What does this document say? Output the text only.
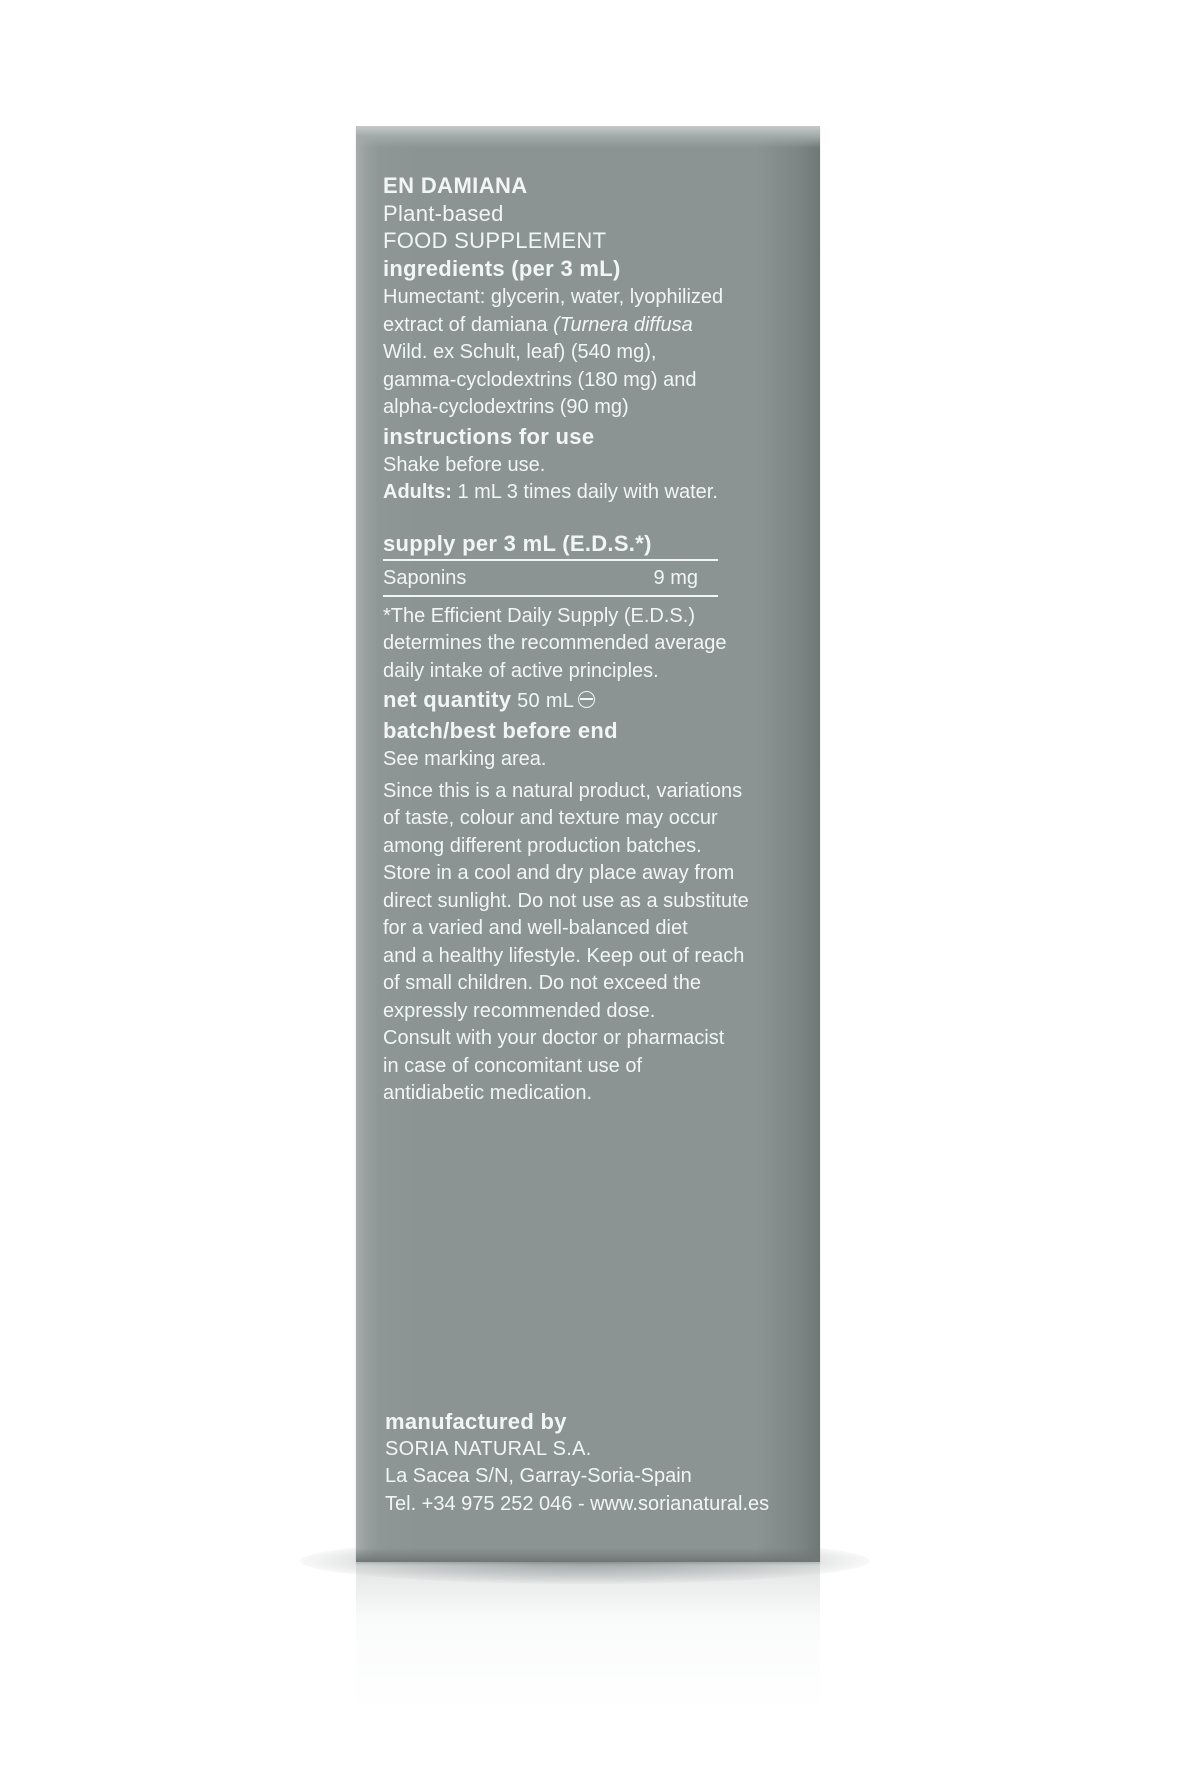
EN DAMIANA
Plant-based
FOOD SUPPLEMENT
ingredients (per 3 mL)
Humectant: glycerin, water, lyophilized
extract of damiana (Turnera diffusa
Wild. ex Schult, leaf) (540 mg),
gamma-cyclodextrins (180 mg) and
alpha-cyclodextrins (90 mg)
instructions for use
Shake before use.
Adults: 1 mL 3 times daily with water.
supply per 3 mL (E.D.S.*)
Saponins	9 mg
*The Efficient Daily Supply (E.D.S.)
determines the recommended average
daily intake of active principles.
net quantity 50 mL
batch/best before end
See marking area.
Since this is a natural product, variations
of taste, colour and texture may occur
among different production batches.
Store in a cool and dry place away from
direct sunlight. Do not use as a substitute
for a varied and well-balanced diet
and a healthy lifestyle. Keep out of reach
of small children. Do not exceed the
expressly recommended dose.
Consult with your doctor or pharmacist
in case of concomitant use of
antidiabetic medication.
manufactured by
SORIA NATURAL S.A.
La Sacea S/N, Garray-Soria-Spain
Tel. +34 975 252 046 - www.sorianatural.es
